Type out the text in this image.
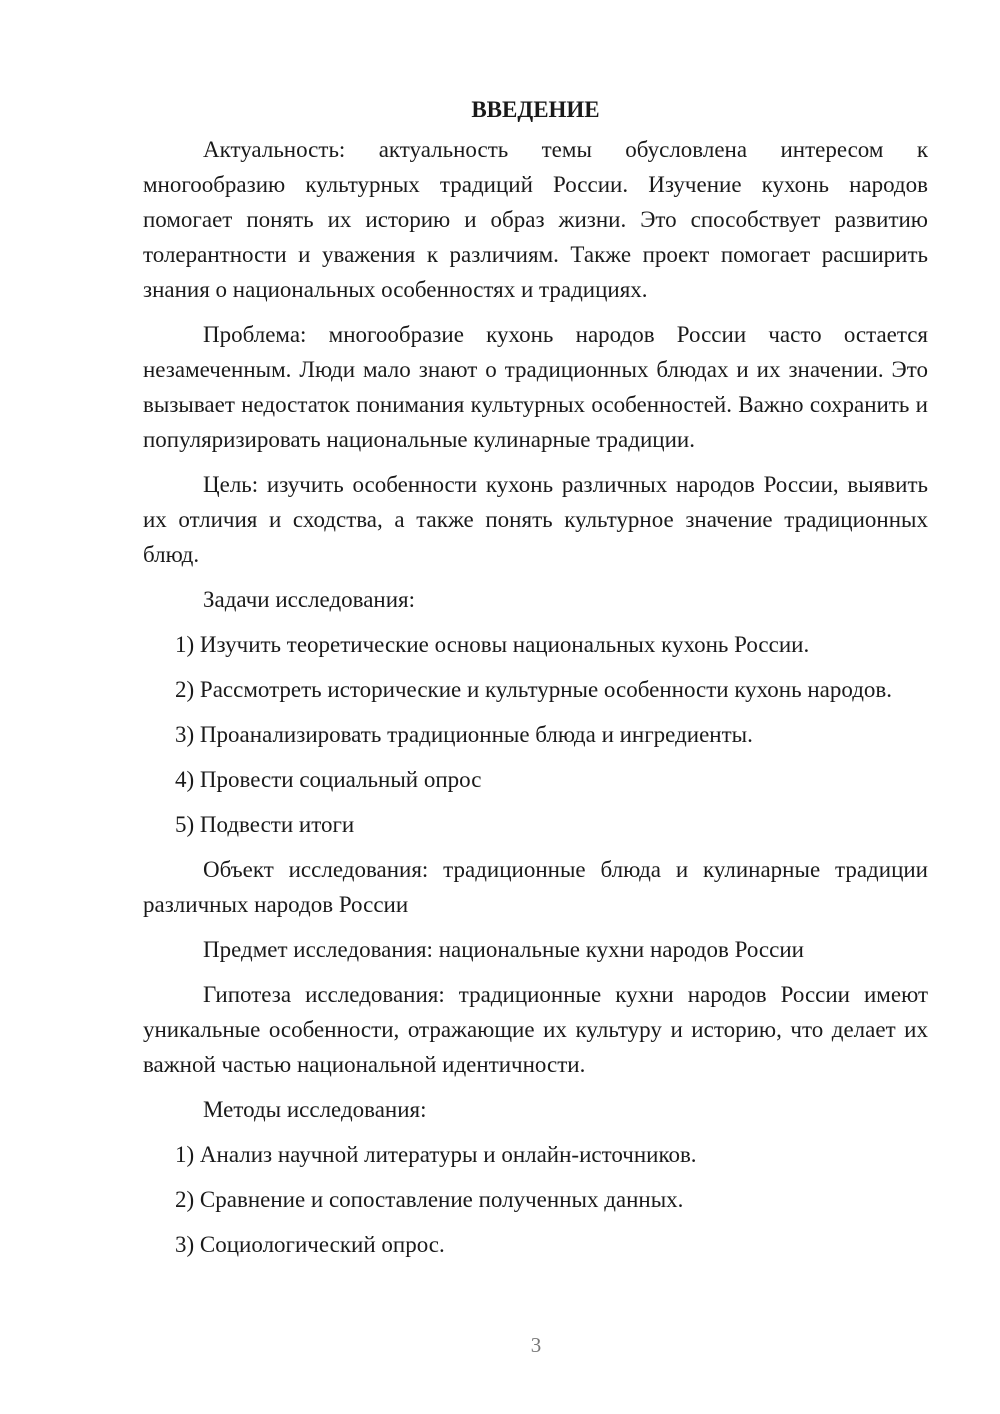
ВВЕДЕНИЕ

Актуальность: актуальность темы обусловлена интересом к многообразию культурных традиций России. Изучение кухонь народов помогает понять их историю и образ жизни. Это способствует развитию толерантности и уважения к различиям. Также проект помогает расширить знания о национальных особенностях и традициях.

Проблема: многообразие кухонь народов России часто остается незамеченным. Люди мало знают о традиционных блюдах и их значении. Это вызывает недостаток понимания культурных особенностей. Важно сохранить и популяризировать национальные кулинарные традиции.

Цель: изучить особенности кухонь различных народов России, выявить их отличия и сходства, а также понять культурное значение традиционных блюд.

Задачи исследования:

1) Изучить теоретические основы национальных кухонь России.

2) Рассмотреть исторические и культурные особенности кухонь народов.

3) Проанализировать традиционные блюда и ингредиенты.

4) Провести социальный опрос

5) Подвести итоги

Объект исследования: традиционные блюда и кулинарные традиции различных народов России

Предмет исследования: национальные кухни народов России

Гипотеза исследования: традиционные кухни народов России имеют уникальные особенности, отражающие их культуру и историю, что делает их важной частью национальной идентичности.

Методы исследования:

1) Анализ научной литературы и онлайн-источников.

2) Сравнение и сопоставление полученных данных.

3) Социологический опрос.

3
